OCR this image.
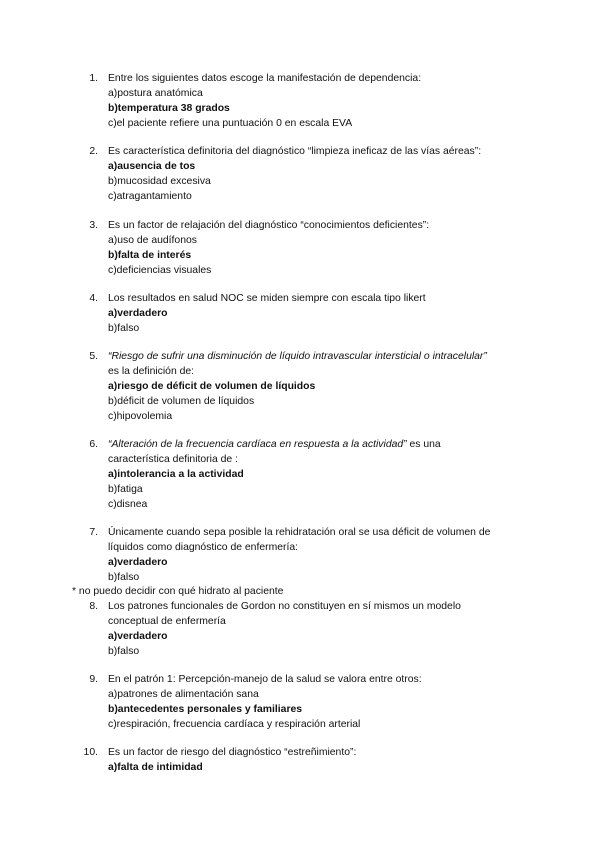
1. Entre los siguientes datos escoge la manifestación de dependencia:
a)postura anatómica
b)temperatura 38 grados
c)el paciente refiere una puntuación 0 en escala EVA
2. Es característica definitoria del diagnóstico “limpieza ineficaz de las vías aéreas”:
a)ausencia de tos
b)mucosidad excesiva
c)atragantamiento
3. Es un factor de relajación del diagnóstico “conocimientos deficientes”:
a)uso de audífonos
b)falta de interés
c)deficiencias visuales
4. Los resultados en salud NOC se miden siempre con escala tipo likert
a)verdadero
b)falso
5. “Riesgo de sufrir una disminución de líquido intravascular intersticial o intracelular”
es la definición de:
a)riesgo de déficit de volumen de líquidos
b)déficit de volumen de líquidos
c)hipovolemia
6. “Alteración de la frecuencia cardíaca en respuesta a la actividad” es una
característica definitoria de :
a)intolerancia a la actividad
b)fatiga
c)disnea
7. Únicamente cuando sepa posible la rehidratación oral se usa déficit de volumen de
líquidos como diagnóstico de enfermería:
a)verdadero
b)falso
* no puedo decidir con qué hidrato al paciente
8. Los patrones funcionales de Gordon no constituyen en sí mismos un modelo
conceptual de enfermería
a)verdadero
b)falso
9. En el patrón 1: Percepción-manejo de la salud se valora entre otros:
a)patrones de alimentación sana
b)antecedentes personales y familiares
c)respiración, frecuencia cardíaca y respiración arterial
10. Es un factor de riesgo del diagnóstico “estreñimiento”:
a)falta de intimidad
